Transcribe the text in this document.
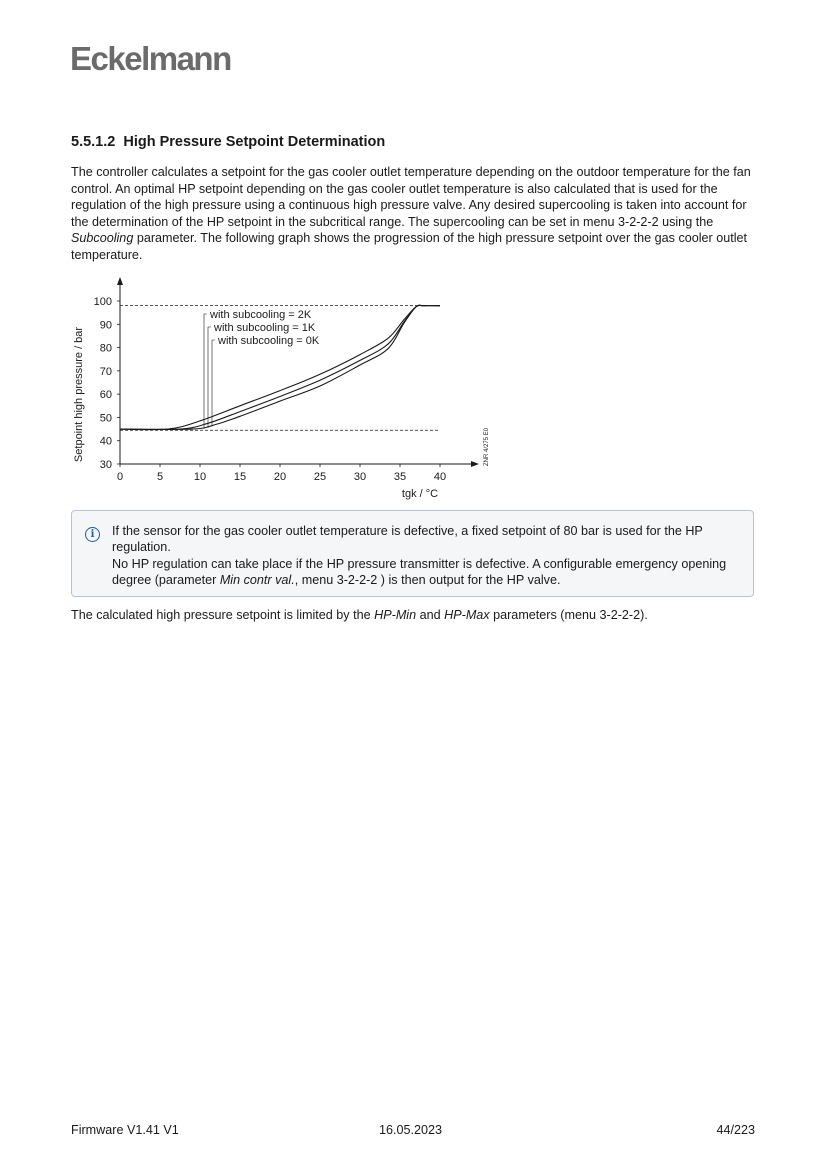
Eckelmann
5.5.1.2 High Pressure Setpoint Determination

The controller calculates a setpoint for the gas cooler outlet temperature depending on the outdoor temperature for the fan control. An optimal HP setpoint depending on the gas cooler outlet temperature is also calculated that is used for the regulation of the high pressure using a continuous high pressure valve. Any desired supercooling is taken into account for the determination of the HP setpoint in the subcritical range. The supercooling can be set in menu 3-2-2-2 using the Subcooling parameter. The following graph shows the progression of the high pressure setpoint over the gas cooler outlet temperature.

0	5	10	15	20	25	30	35	40
30
40
50
60
70
80
90
100
with subcooling = 2K
with subcooling = 1K
with subcooling = 0K
tgk / °C
Setpoint high pressure / bar	ZNR 4/275 E0
i	If the sensor for the gas cooler outlet temperature is defective, a fixed setpoint of 80 bar is used for the HP regulation.

No HP regulation can take place if the HP pressure transmitter is defective. A configurable emergency opening degree (parameter Min contr val., menu 3-2-2-2 ) is then output for the HP valve.

The calculated high pressure setpoint is limited by the HP-Min and HP-Max parameters (menu 3-2-2-2).

Firmware V1.41 V1	16.05.2023	44/223
